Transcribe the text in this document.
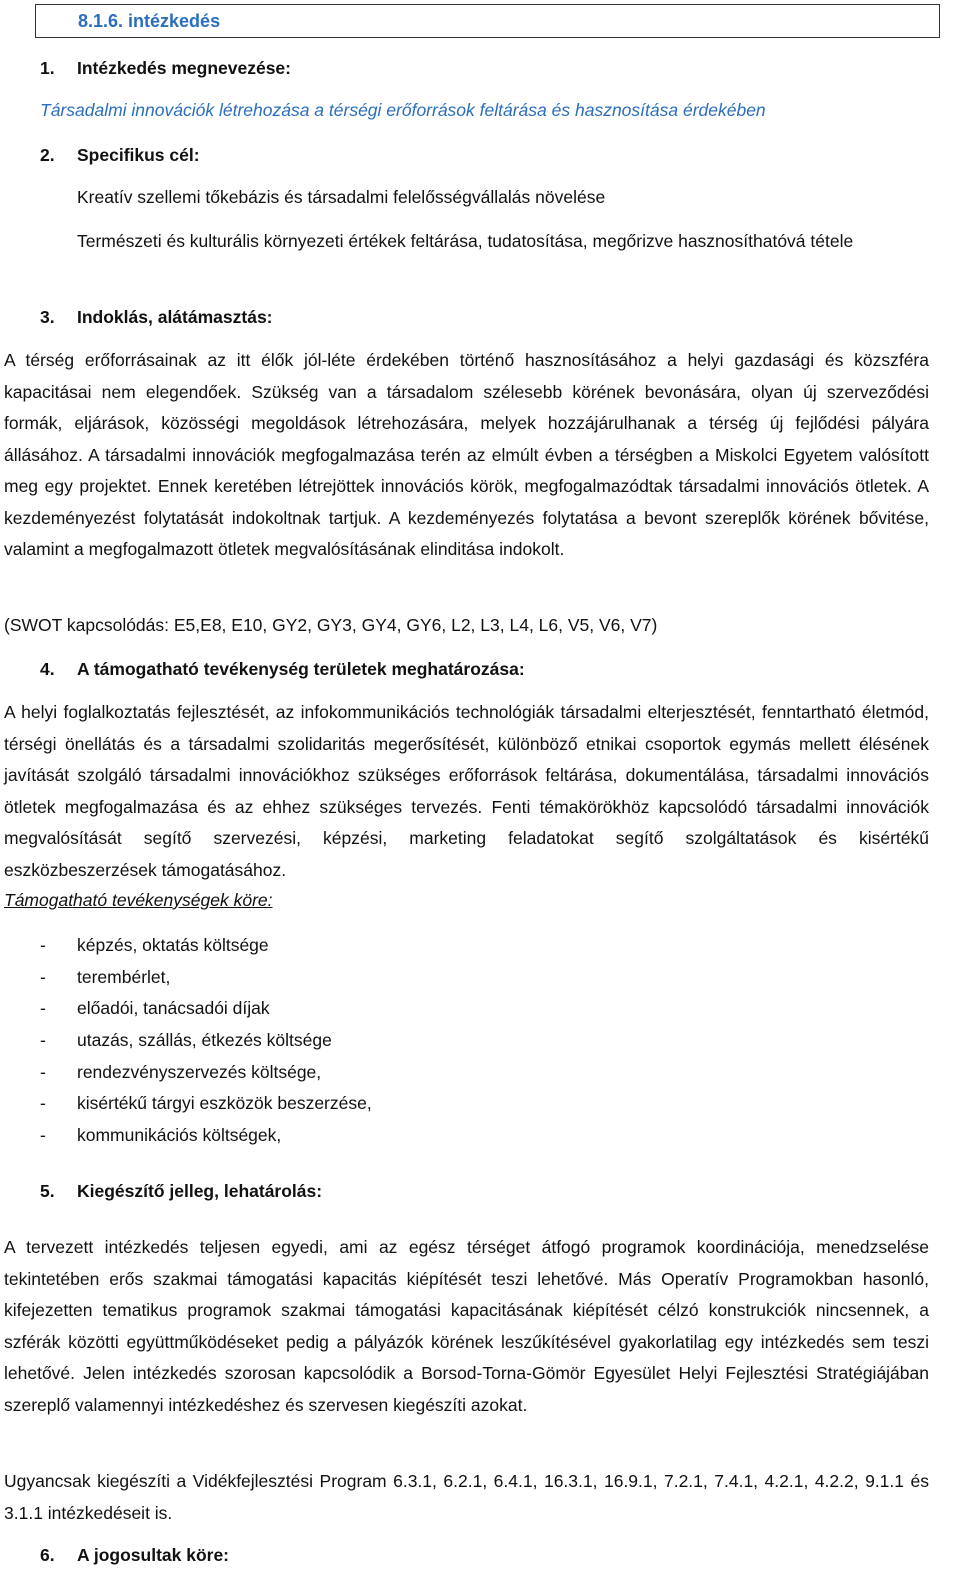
8.1.6. intézkedés
1. Intézkedés megnevezése:
Társadalmi innovációk létrehozása a térségi erőforrások feltárása és hasznosítása érdekében
2. Specifikus cél:
Kreatív szellemi tőkebázis és társadalmi felelősségvállalás növelése
Természeti és kulturális környezeti értékek feltárása, tudatosítása, megőrizve hasznosíthatóvá tétele
3. Indoklás, alátámasztás:
A térség erőforrásainak az itt élők jól-léte érdekében történő hasznosításához a helyi gazdasági és közszféra kapacitásai nem elegendőek. Szükség van a társadalom szélesebb körének bevonására, olyan új szerveződési formák, eljárások, közösségi megoldások létrehozására, melyek hozzájárulhanak a térség új fejlődési pályára állásához. A társadalmi innovációk megfogalmazása terén az elmúlt évben a térségben a Miskolci Egyetem valósított meg egy projektet. Ennek keretében létrejöttek innovációs körök, megfogalmazódtak társadalmi innovációs ötletek. A kezdeményezést folytatását indokoltnak tartjuk. A kezdeményezés folytatása a bevont szereplők körének bővitése, valamint a megfogalmazott ötletek megvalósításának elinditása indokolt.
(SWOT kapcsolódás: E5,E8, E10, GY2, GY3, GY4, GY6, L2, L3, L4, L6, V5, V6, V7)
4. A támogatható tevékenység területek meghatározása:
A helyi foglalkoztatás fejlesztését, az infokommunikációs technológiák társadalmi elterjesztését, fenntartható életmód, térségi önellátás és a társadalmi szolidaritás megerősítését, különböző etnikai csoportok egymás mellett élésének javítását szolgáló társadalmi innovációkhoz szükséges erőforrások feltárása, dokumentálása, társadalmi innovációs ötletek megfogalmazása és az ehhez szükséges tervezés. Fenti témakörökhöz kapcsolódó társadalmi innovációk megvalósítását segítő szervezési, képzési, marketing feladatokat segítő szolgáltatások és kisértékű eszközbeszerzések támogatásához.
Támogatható tevékenységek köre:
- képzés, oktatás költsége
- terembérlet,
- előadói, tanácsadói díjak
- utazás, szállás, étkezés költsége
- rendezvényszervezés költsége,
- kisértékű tárgyi eszközök beszerzése,
- kommunikációs költségek,
5. Kiegészítő jelleg, lehatárolás:
A tervezett intézkedés teljesen egyedi, ami az egész térséget átfogó programok koordinációja, menedzselése tekintetében erős szakmai támogatási kapacitás kiépítését teszi lehetővé. Más Operatív Programokban hasonló, kifejezetten tematikus programok szakmai támogatási kapacitásának kiépítését célzó konstrukciók nincsennek, a szférák közötti együttműködéseket pedig a pályázók körének leszűkítésével gyakorlatilag egy intézkedés sem teszi lehetővé. Jelen intézkedés szorosan kapcsolódik a Borsod-Torna-Gömör Egyesület Helyi Fejlesztési Stratégiájában szereplő valamennyi intézkedéshez és szervesen kiegészíti azokat.
Ugyancsak kiegészíti a Vidékfejlesztési Program 6.3.1, 6.2.1, 6.4.1, 16.3.1, 16.9.1, 7.2.1, 7.4.1, 4.2.1, 4.2.2, 9.1.1 és 3.1.1 intézkedéseit is.
6. A jogosultak köre:
